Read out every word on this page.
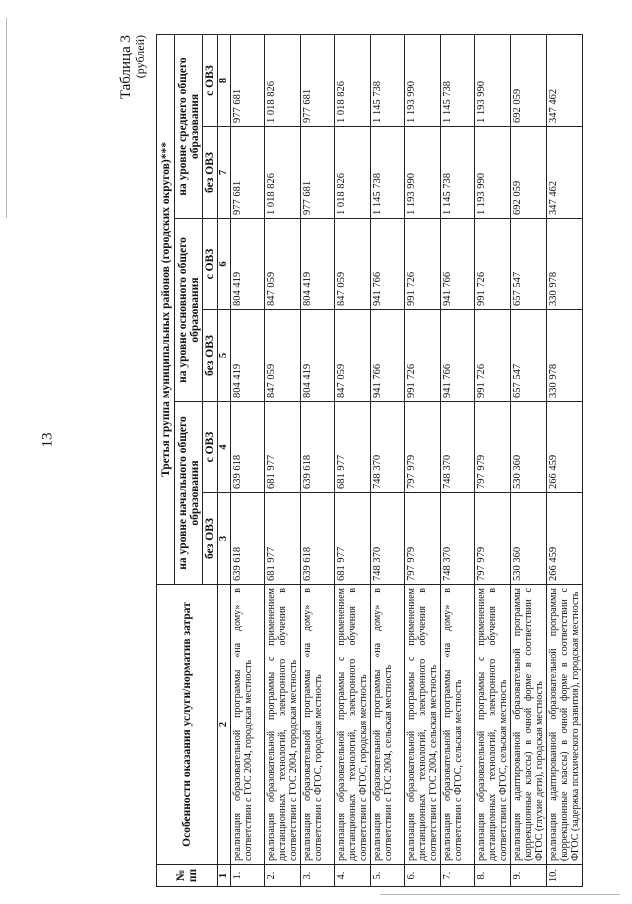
13
Таблица 3 (рублей)
№ пп	Особенности оказания услуги/норматив затрат	Третья группа муниципальных районов (городских округов)***					
		на уровне начального общего образования		на уровне основного общего образования		на уровне среднего общего образования	
		без ОВЗ	с ОВЗ	без ОВЗ	с ОВЗ	без ОВЗ	с ОВЗ
1	2	3	4	5	6	7	8
1.	реализация образовательной программы «на дому» в соответствии с ГОС 2004, городская местность	639 618	639 618	804 419	804 419	977 681	977 681
2.	реализация образовательной программы с применением дистанционных технологий, электронного обучения в соответствии с ГОС 2004, городская местность	681 977	681 977	847 059	847 059	1 018 826	1 018 826
3.	реализация образовательной программы «на дому» в соответствии с ФГОС, городская местность	639 618	639 618	804 419	804 419	977 681	977 681
4.	реализация образовательной программы с применением дистанционных технологий, электронного обучения в соответствии с ФГОС, городская местность	681 977	681 977	847 059	847 059	1 018 826	1 018 826
5.	реализация образовательной программы «на дому» в соответствии с ГОС 2004, сельская местность	748 370	748 370	941 766	941 766	1 145 738	1 145 738
6.	реализация образовательной программы с применением дистанционных технологий, электронного обучения в соответствии с ГОС 2004, сельская местность	797 979	797 979	991 726	991 726	1 193 990	1 193 990
7.	реализация образовательной программы «на дому» в соответствии с ФГОС, сельская местность	748 370	748 370	941 766	941 766	1 145 738	1 145 738
8.	реализация образовательной программы с применением дистанционных технологий, электронного обучения в соответствии с ФГОС, сельская местность	797 979	797 979	991 726	991 726	1 193 990	1 193 990
9.	реализация адаптированной образовательной программы (коррекционные классы) в очной форме в соответствии с ФГОС (глухие дети), городская местность	530 360	530 360	657 547	657 547	692 059	692 059
10.	реализация адаптированной образовательной программы (коррекционные классы) в очной форме в соответствии с ФГОС (задержка психического развития), городская местность	266 459	266 459	330 978	330 978	347 462	347 462
